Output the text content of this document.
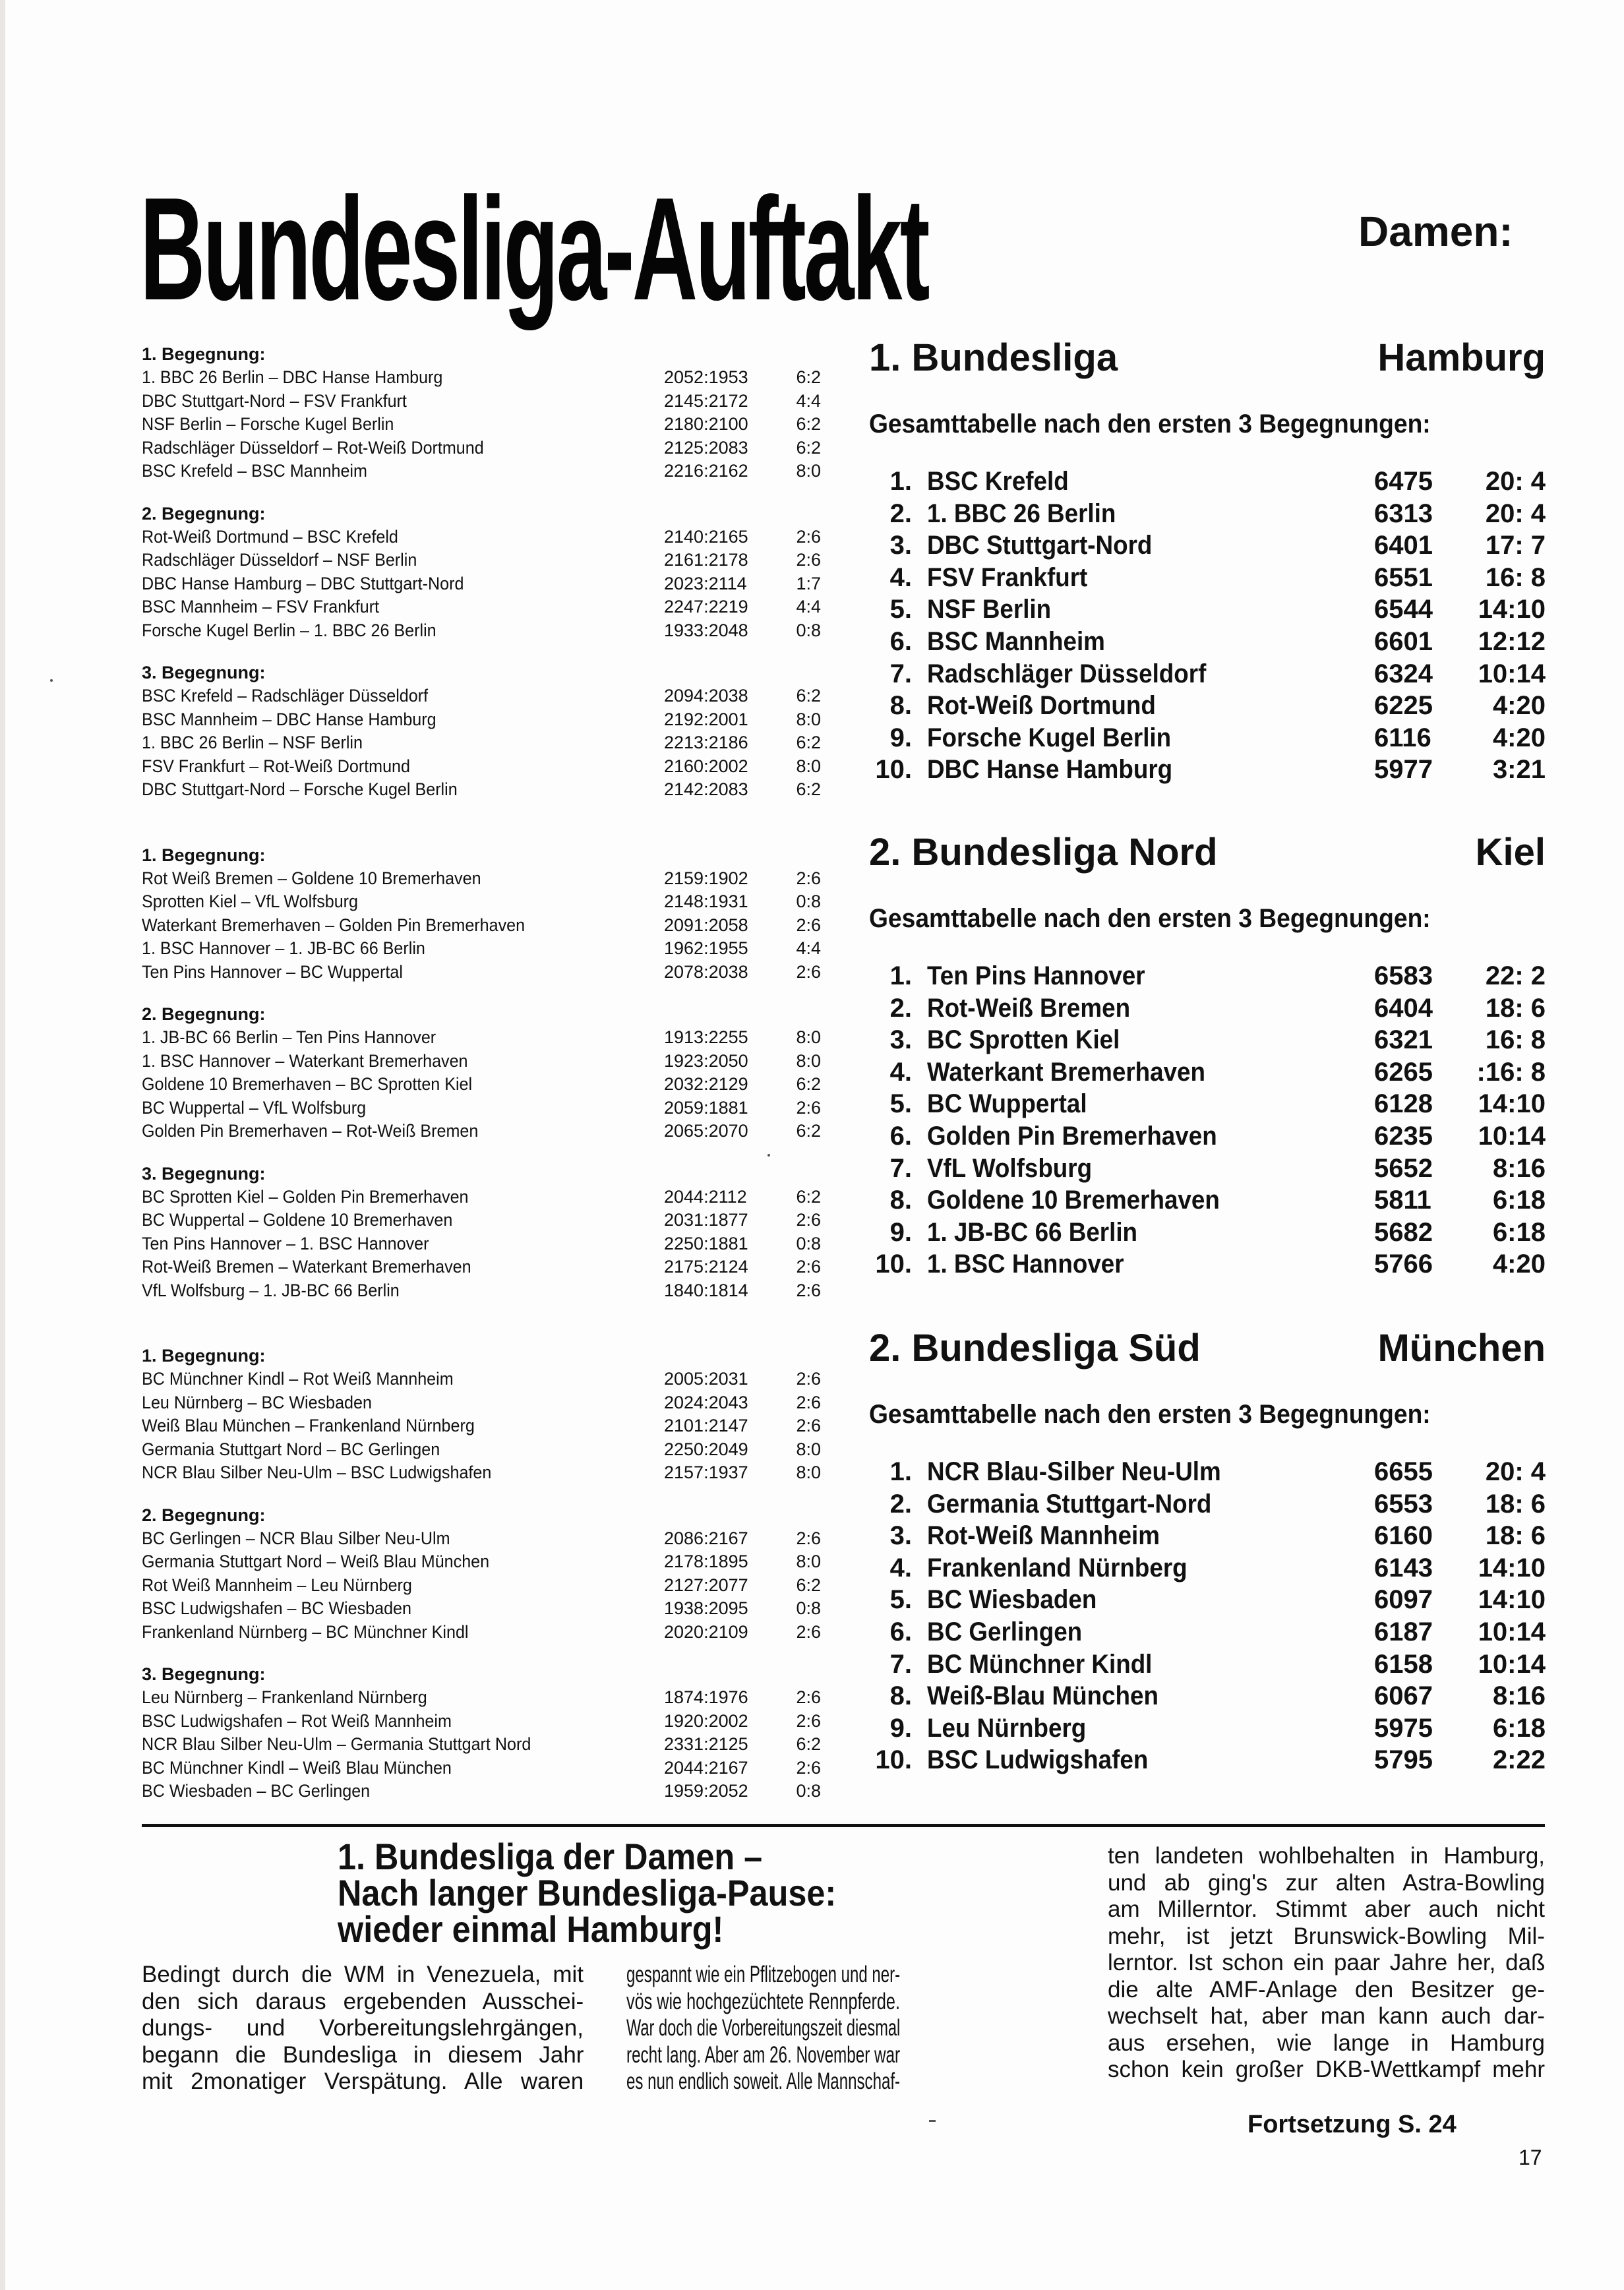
Bundesliga-Auftakt	Damen:
1. Begegnung:
1. BBC 26 Berlin – DBC Hanse Hamburg	2052:1953	6:2
DBC Stuttgart-Nord – FSV Frankfurt	2145:2172	4:4
NSF Berlin – Forsche Kugel Berlin	2180:2100	6:2
Radschläger Düsseldorf – Rot-Weiß Dortmund	2125:2083	6:2
BSC Krefeld – BSC Mannheim	2216:2162	8:0
2. Begegnung:
Rot-Weiß Dortmund – BSC Krefeld	2140:2165	2:6
Radschläger Düsseldorf – NSF Berlin	2161:2178	2:6
DBC Hanse Hamburg – DBC Stuttgart-Nord	2023:2114	1:7
BSC Mannheim – FSV Frankfurt	2247:2219	4:4
Forsche Kugel Berlin – 1. BBC 26 Berlin	1933:2048	0:8
3. Begegnung:
BSC Krefeld – Radschläger Düsseldorf	2094:2038	6:2
BSC Mannheim – DBC Hanse Hamburg	2192:2001	8:0
1. BBC 26 Berlin – NSF Berlin	2213:2186	6:2
FSV Frankfurt – Rot-Weiß Dortmund	2160:2002	8:0
DBC Stuttgart-Nord – Forsche Kugel Berlin	2142:2083	6:2
1. Begegnung:
Rot Weiß Bremen – Goldene 10 Bremerhaven	2159:1902	2:6
Sprotten Kiel – VfL Wolfsburg	2148:1931	0:8
Waterkant Bremerhaven – Golden Pin Bremerhaven	2091:2058	2:6
1. BSC Hannover – 1. JB-BC 66 Berlin	1962:1955	4:4
Ten Pins Hannover – BC Wuppertal	2078:2038	2:6
2. Begegnung:
1. JB-BC 66 Berlin – Ten Pins Hannover	1913:2255	8:0
1. BSC Hannover – Waterkant Bremerhaven	1923:2050	8:0
Goldene 10 Bremerhaven – BC Sprotten Kiel	2032:2129	6:2
BC Wuppertal – VfL Wolfsburg	2059:1881	2:6
Golden Pin Bremerhaven – Rot-Weiß Bremen	2065:2070	6:2
3. Begegnung:
BC Sprotten Kiel – Golden Pin Bremerhaven	2044:2112	6:2
BC Wuppertal – Goldene 10 Bremerhaven	2031:1877	2:6
Ten Pins Hannover – 1. BSC Hannover	2250:1881	0:8
Rot-Weiß Bremen – Waterkant Bremerhaven	2175:2124	2:6
VfL Wolfsburg – 1. JB-BC 66 Berlin	1840:1814	2:6
1. Begegnung:
BC Münchner Kindl – Rot Weiß Mannheim	2005:2031	2:6
Leu Nürnberg – BC Wiesbaden	2024:2043	2:6
Weiß Blau München – Frankenland Nürnberg	2101:2147	2:6
Germania Stuttgart Nord – BC Gerlingen	2250:2049	8:0
NCR Blau Silber Neu-Ulm – BSC Ludwigshafen	2157:1937	8:0
2. Begegnung:
BC Gerlingen – NCR Blau Silber Neu-Ulm	2086:2167	2:6
Germania Stuttgart Nord – Weiß Blau München	2178:1895	8:0
Rot Weiß Mannheim – Leu Nürnberg	2127:2077	6:2
BSC Ludwigshafen – BC Wiesbaden	1938:2095	0:8
Frankenland Nürnberg – BC Münchner Kindl	2020:2109	2:6
3. Begegnung:
Leu Nürnberg – Frankenland Nürnberg	1874:1976	2:6
BSC Ludwigshafen – Rot Weiß Mannheim	1920:2002	2:6
NCR Blau Silber Neu-Ulm – Germania Stuttgart Nord	2331:2125	6:2
BC Münchner Kindl – Weiß Blau München	2044:2167	2:6
BC Wiesbaden – BC Gerlingen	1959:2052	0:8
1. Bundesliga	Hamburg
Gesamttabelle nach den ersten 3 Begegnungen:
1. BSC Krefeld	6475	20: 4
2. 1. BBC 26 Berlin	6313	20: 4
3. DBC Stuttgart-Nord	6401	17: 7
4. FSV Frankfurt	6551	16: 8
5. NSF Berlin	6544	14:10
6. BSC Mannheim	6601	12:12
7. Radschläger Düsseldorf	6324	10:14
8. Rot-Weiß Dortmund	6225	4:20
9. Forsche Kugel Berlin	6116	4:20
10. DBC Hanse Hamburg	5977	3:21
2. Bundesliga Nord	Kiel
Gesamttabelle nach den ersten 3 Begegnungen:
1. Ten Pins Hannover	6583	22: 2
2. Rot-Weiß Bremen	6404	18: 6
3. BC Sprotten Kiel	6321	16: 8
4. Waterkant Bremerhaven	6265	:16: 8
5. BC Wuppertal	6128	14:10
6. Golden Pin Bremerhaven	6235	10:14
7. VfL Wolfsburg	5652	8:16
8. Goldene 10 Bremerhaven	5811	6:18
9. 1. JB-BC 66 Berlin	5682	6:18
10. 1. BSC Hannover	5766	4:20
2. Bundesliga Süd	München
Gesamttabelle nach den ersten 3 Begegnungen:
1. NCR Blau-Silber Neu-Ulm	6655	20: 4
2. Germania Stuttgart-Nord	6553	18: 6
3. Rot-Weiß Mannheim	6160	18: 6
4. Frankenland Nürnberg	6143	14:10
5. BC Wiesbaden	6097	14:10
6. BC Gerlingen	6187	10:14
7. BC Münchner Kindl	6158	10:14
8. Weiß-Blau München	6067	8:16
9. Leu Nürnberg	5975	6:18
10. BSC Ludwigshafen	5795	2:22
1. Bundesliga der Damen –
Nach langer Bundesliga-Pause:
wieder einmal Hamburg!
Bedingt durch die WM in Venezuela, mit
den sich daraus ergebenden Ausschei-
dungs- und Vorbereitungslehrgängen,
begann die Bundesliga in diesem Jahr
mit 2monatiger Verspätung. Alle waren
gespannt wie ein Pflitzebogen und ner-
vös wie hochgezüchtete Rennpferde.
War doch die Vorbereitungszeit diesmal
recht lang. Aber am 26. November war
es nun endlich soweit. Alle Mannschaf-
ten landeten wohlbehalten in Hamburg,
und ab ging's zur alten Astra-Bowling
am Millerntor. Stimmt aber auch nicht
mehr, ist jetzt Brunswick-Bowling Mil-
lerntor. Ist schon ein paar Jahre her, daß
die alte AMF-Anlage den Besitzer ge-
wechselt hat, aber man kann auch dar-
aus ersehen, wie lange in Hamburg
schon kein großer DKB-Wettkampf mehr
Fortsetzung S. 24
17
